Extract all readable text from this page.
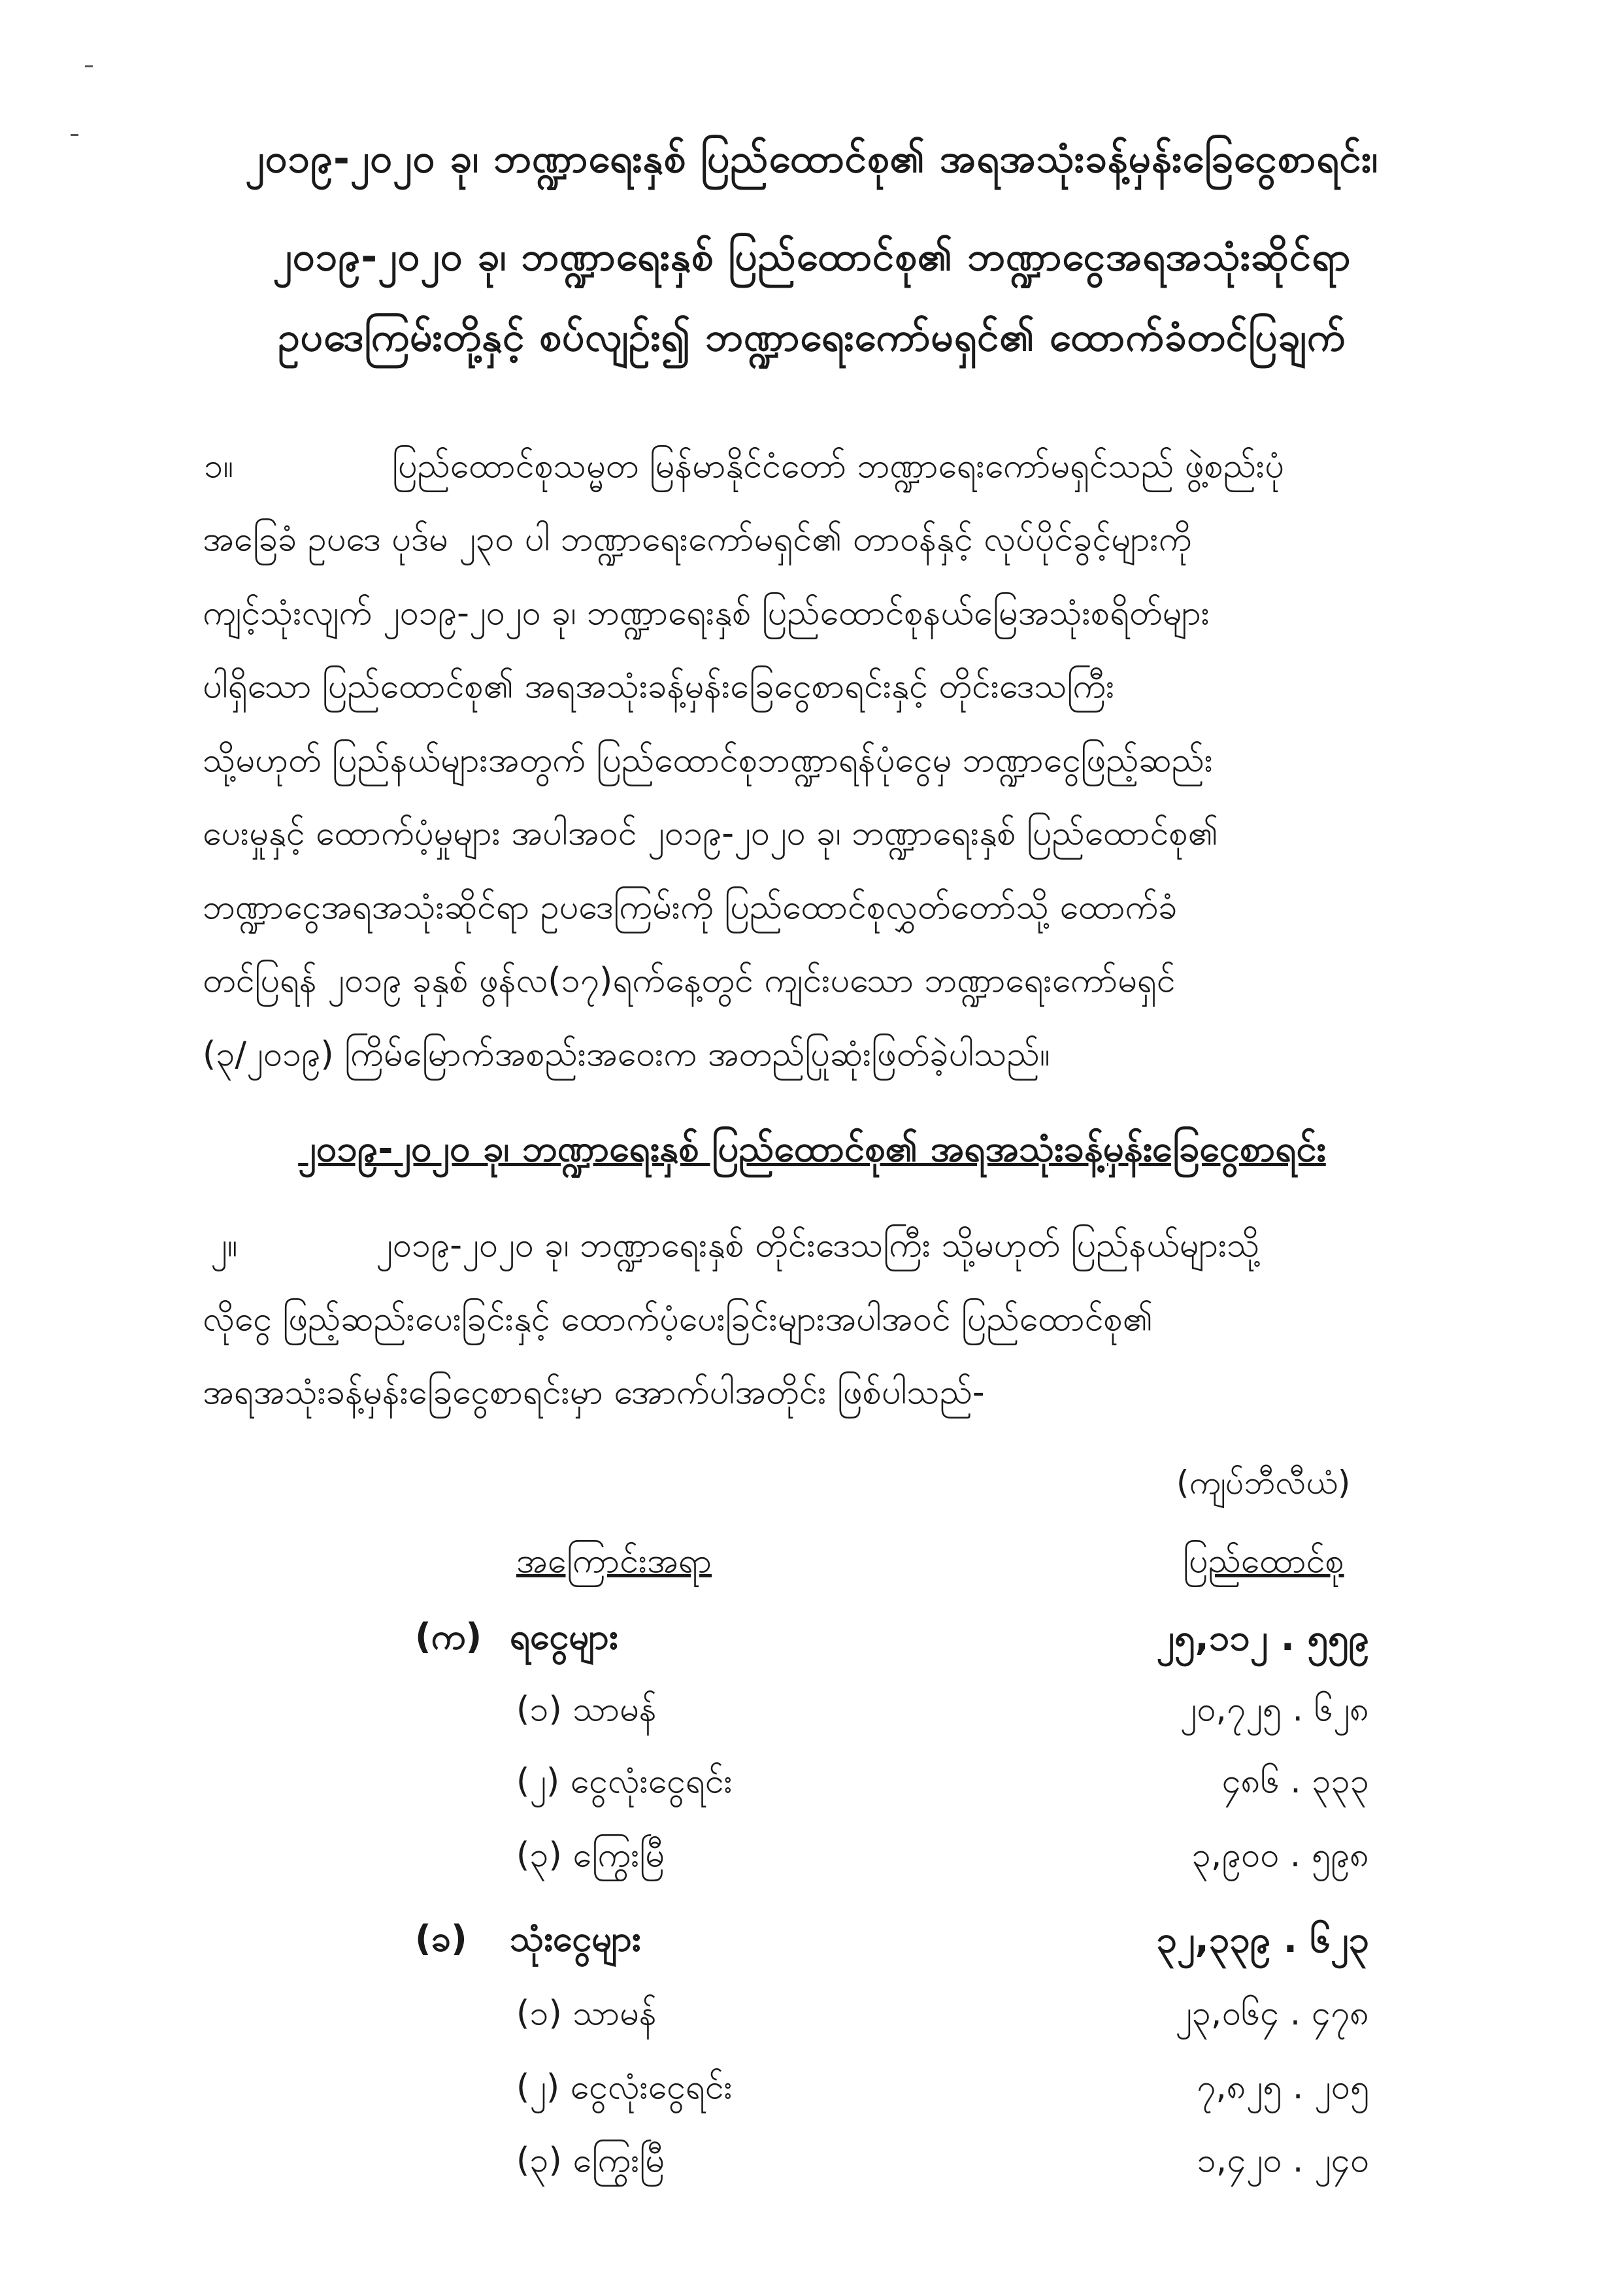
၂၀၁၉-၂၀၂၀ ခု၊ ဘဏ္ဍာရေးနှစ် ပြည်ထောင်စု၏ အရအသုံးခန့်မှန်းခြေငွေစာရင်း၊
၂၀၁၉-၂၀၂၀ ခု၊ ဘဏ္ဍာရေးနှစ် ပြည်ထောင်စု၏ ဘဏ္ဍာငွေအရအသုံးဆိုင်ရာ
ဥပဒေကြမ်းတို့နှင့် စပ်လျဉ်း၍ ဘဏ္ဍာရေးကော်မရှင်၏ ထောက်ခံတင်ပြချက်
၁။	ပြည်ထောင်စုသမ္မတ မြန်မာနိုင်ငံတော် ဘဏ္ဍာရေးကော်မရှင်သည် ဖွဲ့စည်းပုံ
အခြေခံ ဥပဒေ ပုဒ်မ ၂၃၀ ပါ ဘဏ္ဍာရေးကော်မရှင်၏ တာဝန်နှင့် လုပ်ပိုင်ခွင့်များကို
ကျင့်သုံးလျက် ၂၀၁၉-၂၀၂၀ ခု၊ ဘဏ္ဍာရေးနှစ် ပြည်ထောင်စုနယ်မြေအသုံးစရိတ်များ
ပါရှိသော ပြည်ထောင်စု၏ အရအသုံးခန့်မှန်းခြေငွေစာရင်းနှင့် တိုင်းဒေသကြီး
သို့မဟုတ် ပြည်နယ်များအတွက် ပြည်ထောင်စုဘဏ္ဍာရန်ပုံငွေမှ ဘဏ္ဍာငွေဖြည့်ဆည်း
ပေးမှုနှင့် ထောက်ပံ့မှုများ အပါအဝင် ၂၀၁၉-၂၀၂၀ ခု၊ ဘဏ္ဍာရေးနှစ် ပြည်ထောင်စု၏
ဘဏ္ဍာငွေအရအသုံးဆိုင်ရာ ဥပဒေကြမ်းကို ပြည်ထောင်စုလွှတ်တော်သို့ ထောက်ခံ
တင်ပြရန် ၂၀၁၉ ခုနှစ် ဖွန်လ(၁၇)ရက်နေ့တွင် ကျင်းပသော ဘဏ္ဍာရေးကော်မရှင်
(၃/၂၀၁၉) ကြိမ်မြောက်အစည်းအဝေးက အတည်ပြုဆုံးဖြတ်ခဲ့ပါသည်။
၂၀၁၉-၂၀၂၀ ခု၊ ဘဏ္ဍာရေးနှစ် ပြည်ထောင်စု၏ အရအသုံးခန့်မှန်းခြေငွေစာရင်း
၂။	၂၀၁၉-၂၀၂၀ ခု၊ ဘဏ္ဍာရေးနှစ် တိုင်းဒေသကြီး သို့မဟုတ် ပြည်နယ်များသို့
လိုငွေ ဖြည့်ဆည်းပေးခြင်းနှင့် ထောက်ပံ့ပေးခြင်းများအပါအဝင် ပြည်ထောင်စု၏
အရအသုံးခန့်မှန်းခြေငွေစာရင်းမှာ အောက်ပါအတိုင်း ဖြစ်ပါသည်-
(ကျပ်ဘီလီယံ)
အကြောင်းအရာ	ပြည်ထောင်စု
(က) ရငွေများ	၂၅,၁၁၂ . ၅၅၉
(၁) သာမန်	၂၀,၇၂၅ . ၆၂၈
(၂) ငွေလုံးငွေရင်း	၄၈၆ . ၃၃၃
(၃) ကြွေးမြီ	၃,၉၀၀ . ၅၉၈
(ခ) သုံးငွေများ	၃၂,၃၃၉ . ၆၂၃
(၁) သာမန်	၂၃,၀၆၄ . ၄၇၈
(၂) ငွေလုံးငွေရင်း	၇,၈၂၅ . ၂၀၅
(၃) ကြွေးမြီ	၁,၄၂၀ . ၂၄၀
